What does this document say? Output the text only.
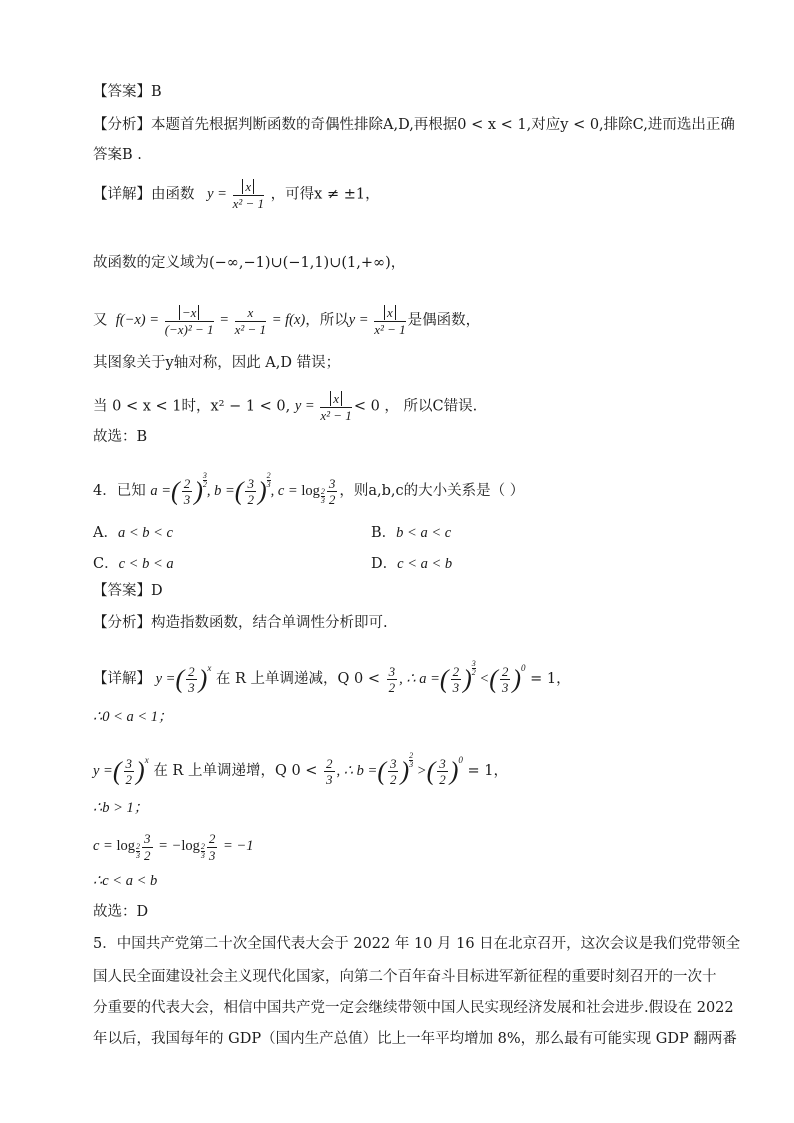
【答案】B
【分析】本题首先根据判断函数的奇偶性排除A,D,再根据0 < x < 1,对应y < 0,排除C,进而选出正确
答案B .
【详解】由函数 $y = \frac{x}{\text{x² − 1}}$ ，可得x ≠ ±1，
故函数的定义域为(−∞,−1)∪(−1,1)∪(1,+∞)，
又  $f(-x) = \frac{-x}{\text{(−x)² − 1}} = \frac{x}{\text{x² − 1}} = f(x)$，所以$y = \frac{x}{\text{x² − 1}}$ 是偶函数，
其图象关于y轴对称，因此 A,D 错误；
当 0 < x < 1时，x² − 1 < 0, $y = \frac{x}{\text{x² − 1}} < 0$ ， 所以C错误.
故选：B
4．已知 a =( $\frac{2}{3}$ ) $\frac{3}{2}$
, b =( $\frac{3}{2}$ ) $\frac{2}{3}$
, $c = \log \frac{2}{3} \frac{3}{2}$ ，则a,b,c的大小关系是（ ）
A．a < b < c	B．b < a < c
C．c < b < a	D．c < a < b
【答案】D
【分析】构造指数函数，结合单调性分析即可.
【详解】 y =( $\frac{2}{3} )^x$ 在 R 上单调递减，Q $0 < \frac{3}{2}$ , ∴ a =( $\frac{2}{3}$ ) $\frac{3}{2}$
<( $\frac{2}{3} )^0 = 1$，
∴0 < a < 1；
y =( $\frac{3}{2} )^x$ 在 R 上单调递增，Q $0 < \frac{2}{3}$ , ∴ b =( $\frac{3}{2}$ ) $\frac{2}{3}$
>( $\frac{3}{2} )^0 = 1$，
∴b > 1；
$c = \log \frac{2}{3} \frac{3}{2} = -\log \frac{2}{3} \frac{2}{3} = -1$
∴c < a < b
故选：D
5．中国共产党第二十次全国代表大会于 2022 年 10 月 16 日在北京召开，这次会议是我们党带领全
国人民全面建设社会主义现代化国家，向第二个百年奋斗目标进军新征程的重要时刻召开的一次十
分重要的代表大会，相信中国共产党一定会继续带领中国人民实现经济发展和社会进步.假设在 2022
年以后，我国每年的 GDP（国内生产总值）比上一年平均增加 8%，那么最有可能实现 GDP 翻两番
